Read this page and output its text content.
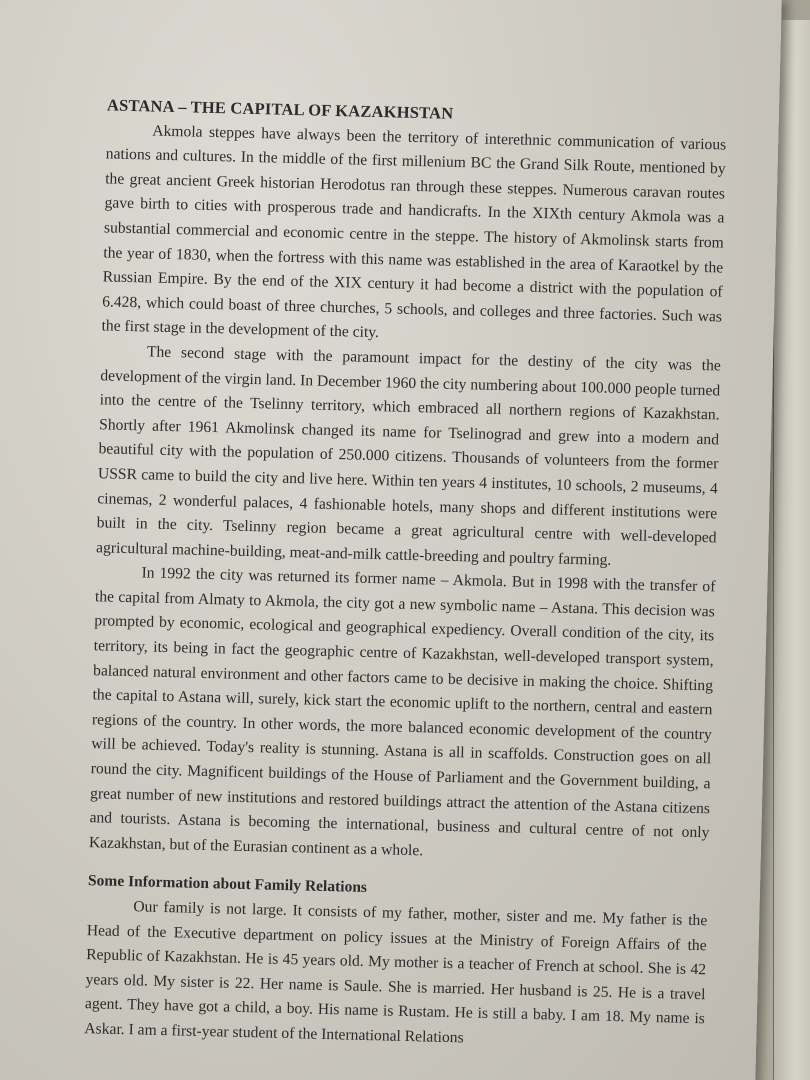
ASTANA – THE CAPITAL OF KAZAKHSTAN

Akmola steppes have always been the territory of interethnic communication of various nations and cultures. In the middle of the first millenium BC the Grand Silk Route, mentioned by the great ancient Greek historian Herodotus ran through these steppes. Numerous caravan routes gave birth to cities with prosperous trade and handicrafts. In the XIXth century Akmola was a substantial commercial and economic centre in the steppe. The history of Akmolinsk starts from the year of 1830, when the fortress with this name was established in the area of Karaotkel by the Russian Empire. By the end of the XIX century it had become a district with the population of 6.428, which could boast of three churches, 5 schools, and colleges and three factories. Such was the first stage in the development of the city.

The second stage with the paramount impact for the destiny of the city was the development of the virgin land. In December 1960 the city numbering about 100.000 people turned into the centre of the Tselinny territory, which embraced all northern regions of Kazakhstan. Shortly after 1961 Akmolinsk changed its name for Tselinograd and grew into a modern and beautiful city with the population of 250.000 citizens. Thousands of volunteers from the former USSR came to build the city and live here. Within ten years 4 institutes, 10 schools, 2 museums, 4 cinemas, 2 wonderful palaces, 4 fashionable hotels, many shops and different institutions were built in the city. Tselinny region became a great agricultural centre with well-developed agricultural machine-building, meat-and-milk cattle-breeding and poultry farming.

In 1992 the city was returned its former name – Akmola. But in 1998 with the transfer of the capital from Almaty to Akmola, the city got a new symbolic name – Astana. This decision was prompted by economic, ecological and geographical expediency. Overall condition of the city, its territory, its being in fact the geographic centre of Kazakhstan, well-developed transport system, balanced natural environment and other factors came to be decisive in making the choice. Shifting the capital to Astana will, surely, kick start the economic uplift to the northern, central and eastern regions of the country. In other words, the more balanced economic development of the country will be achieved. Today's reality is stunning. Astana is all in scaffolds. Construction goes on all round the city. Magnificent buildings of the House of Parliament and the Government building, a great number of new institutions and restored buildings attract the attention of the Astana citizens and tourists. Astana is becoming the international, business and cultural centre of not only Kazakhstan, but of the Eurasian continent as a whole.

Some Information about Family Relations

Our family is not large. It consists of my father, mother, sister and me. My father is the Head of the Executive department on policy issues at the Ministry of Foreign Affairs of the Republic of Kazakhstan. He is 45 years old. My mother is a teacher of French at school. She is 42 years old. My sister is 22. Her name is Saule. She is married. Her husband is 25. He is a travel agent. They have got a child, a boy. His name is Rustam. He is still a baby. I am 18. My name is Askar. I am a first-year student of the International Relations
